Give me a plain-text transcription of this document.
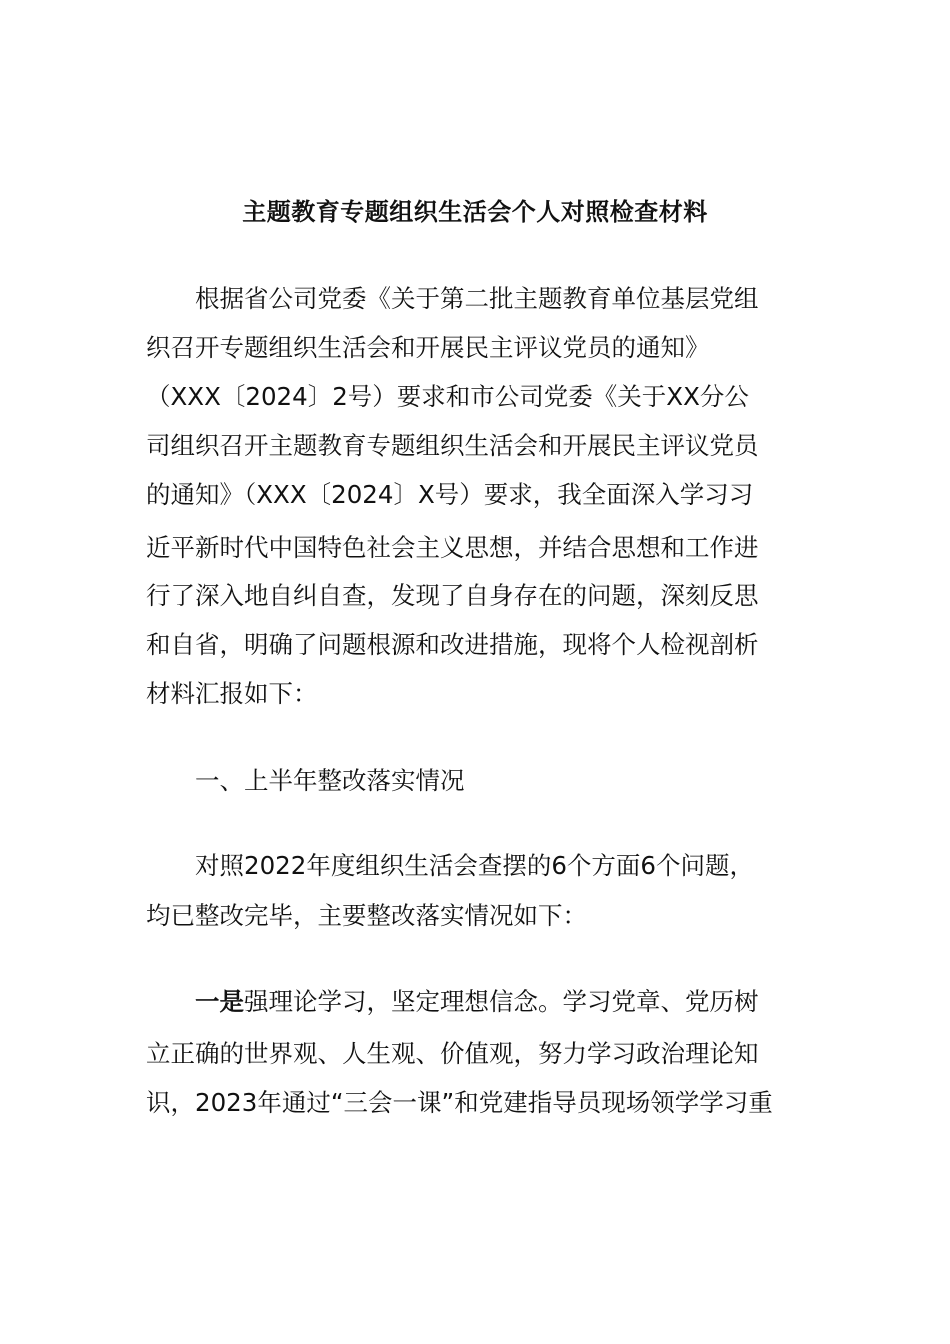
主题教育专题组织生活会个人对照检查材料
根据省公司党委《关于第二批主题教育单位基层党组
织召开专题组织生活会和开展民主评议党员的通知》
（XXX〔2024〕2号）要求和市公司党委《关于XX分公
司组织召开主题教育专题组织生活会和开展民主评议党员
的通知》（XXX〔2024〕X号）要求，我全面深入学习习
近平新时代中国特色社会主义思想，并结合思想和工作进
行了深入地自纠自查，发现了自身存在的问题，深刻反思
和自省，明确了问题根源和改进措施，现将个人检视剖析
材料汇报如下：
一、上半年整改落实情况
对照2022年度组织生活会查摆的6个方面6个问题，
均已整改完毕，主要整改落实情况如下：
一是强理论学习，坚定理想信念。学习党章、党历树
立正确的世界观、人生观、价值观，努力学习政治理论知
识，2023年通过“三会一课”和党建指导员现场领学学习重
